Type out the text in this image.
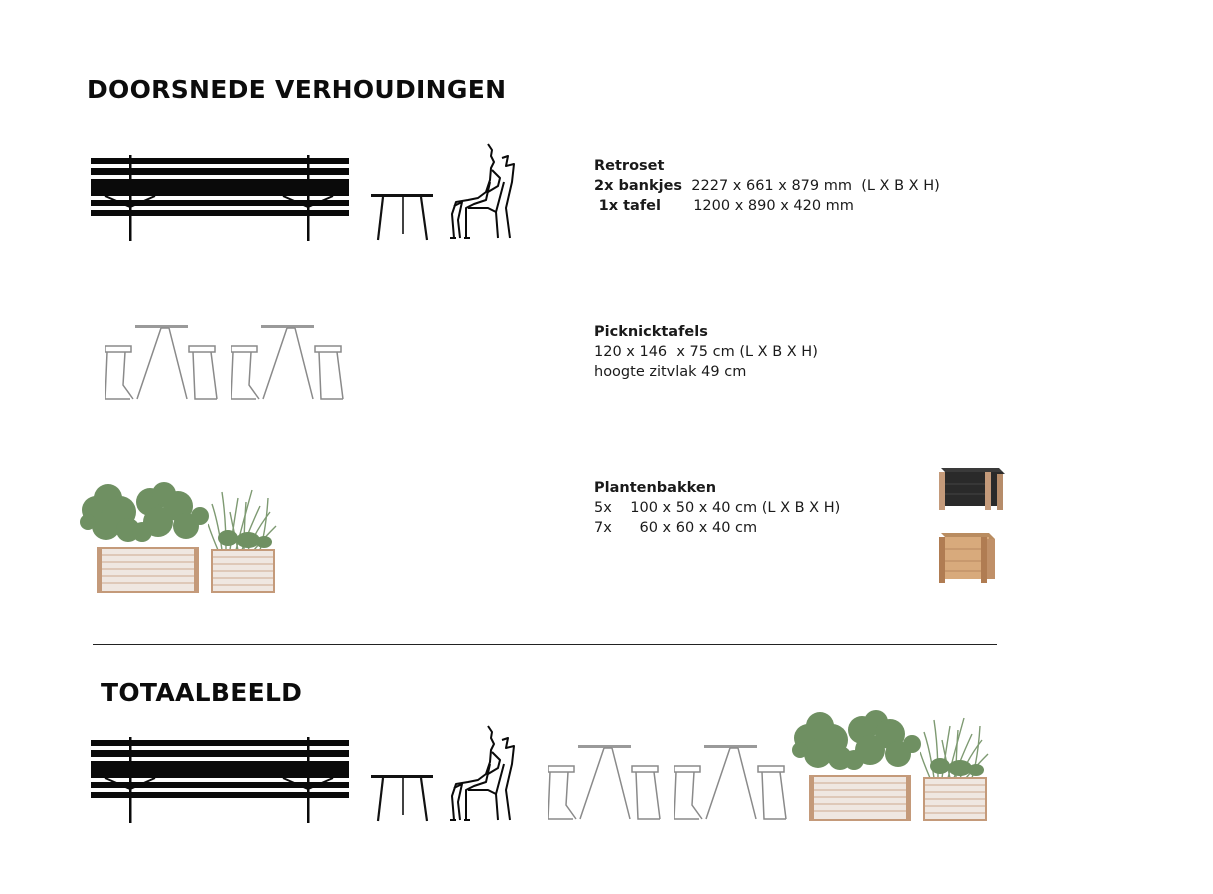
DOORSNEDE VERHOUDINGEN
Retroset
2x bankjes 2227 x 661 x 879 mm  (L X B X H)
1x tafel 1200 x 890 x 420 mm
Picknicktafels
120 x 146  x 75 cm (L X B X H)
hoogte zitvlak 49 cm
Plantenbakken
5x 100 x 50 x 40 cm (L X B X H)
7x 60 x 60 x 40 cm
TOTAALBEELD
